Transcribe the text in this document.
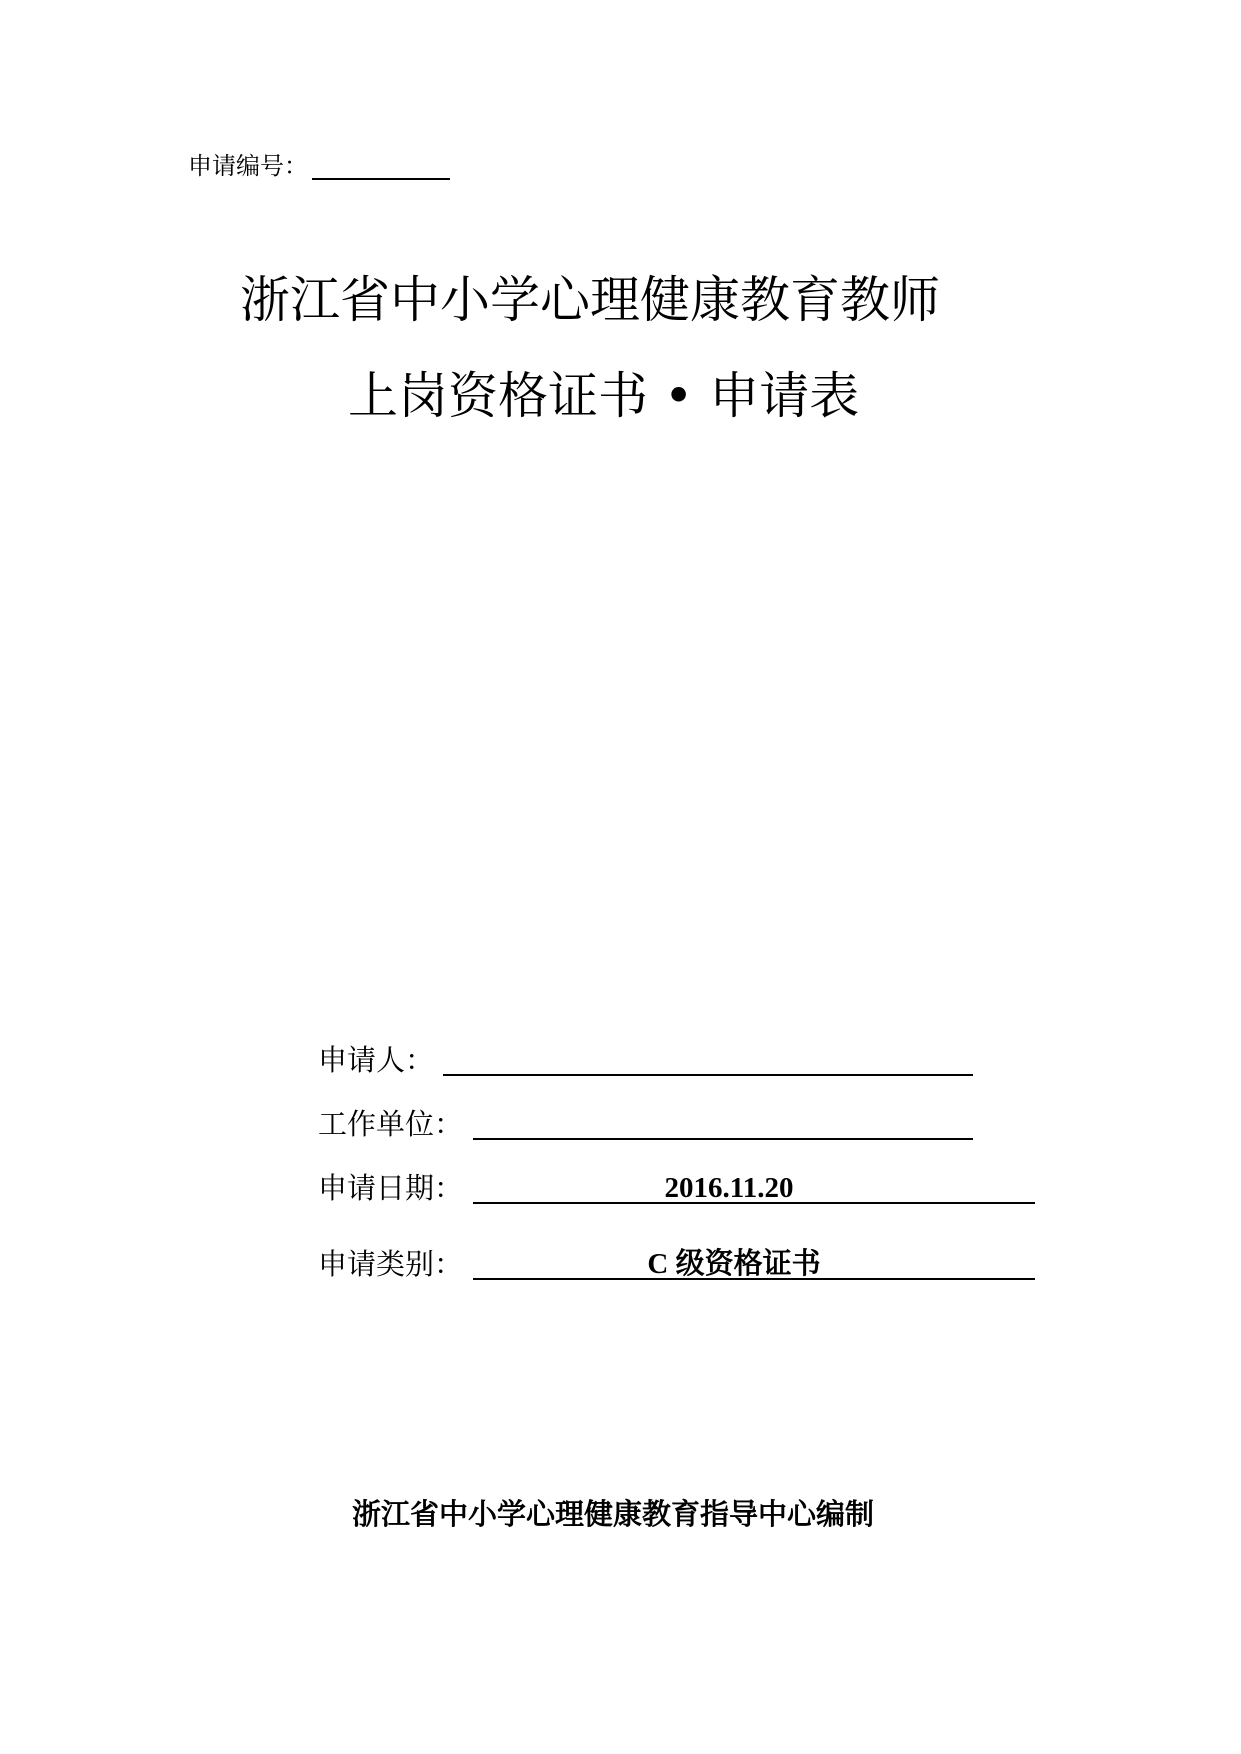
申请编号：
浙江省中小学心理健康教育教师
上岗资格证书 • 申请表
申请人：
工作单位：
申请日期：	2016.11.20
申请类别：	C 级资格证书
浙江省中小学心理健康教育指导中心编制
